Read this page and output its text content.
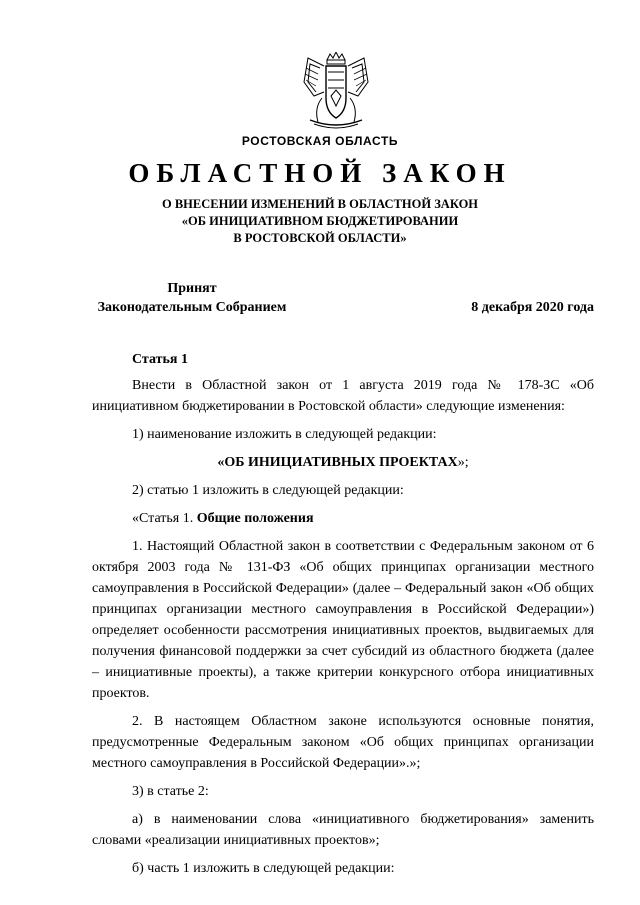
РОСТОВСКАЯ ОБЛАСТЬ
ОБЛАСТНОЙ ЗАКОН
О ВНЕСЕНИИ ИЗМЕНЕНИЙ В ОБЛАСТНОЙ ЗАКОН
«ОБ ИНИЦИАТИВНОМ БЮДЖЕТИРОВАНИИ
В РОСТОВСКОЙ ОБЛАСТИ»
Принят
Законодательным Собранием	8 декабря 2020 года
Статья 1

Внести в Областной закон от 1 августа 2019 года № 178-ЗС «Об инициативном бюджетировании в Ростовской области» следующие изменения:

1) наименование изложить в следующей редакции:

«ОБ ИНИЦИАТИВНЫХ ПРОЕКТАХ»;

2) статью 1 изложить в следующей редакции:

«Статья 1. Общие положения

1. Настоящий Областной закон в соответствии с Федеральным законом от 6 октября 2003 года № 131-ФЗ «Об общих принципах организации местного самоуправления в Российской Федерации» (далее – Федеральный закон «Об общих принципах организации местного самоуправления в Российской Федерации») определяет особенности рассмотрения инициативных проектов, выдвигаемых для получения финансовой поддержки за счет субсидий из областного бюджета (далее – инициативные проекты), а также критерии конкурсного отбора инициативных проектов.

2. В настоящем Областном законе используются основные понятия, предусмотренные Федеральным законом «Об общих принципах организации местного самоуправления в Российской Федерации».»;

3) в статье 2:

а) в наименовании слова «инициативного бюджетирования» заменить словами «реализации инициативных проектов»;

б) часть 1 изложить в следующей редакции:
